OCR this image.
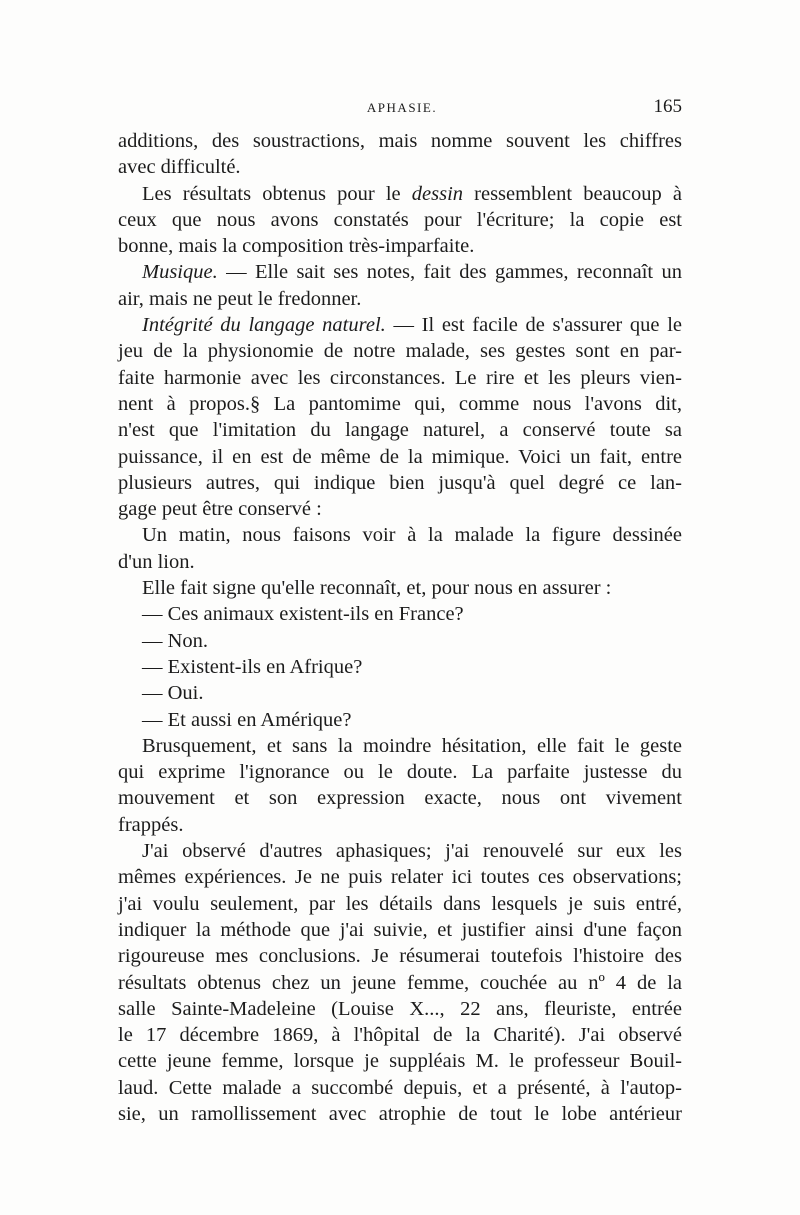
APHASIE.	165
additions, des soustractions, mais nomme souvent les chiffres
avec difficulté.
Les résultats obtenus pour le dessin ressemblent beaucoup à
ceux que nous avons constatés pour l'écriture; la copie est
bonne, mais la composition très-imparfaite.
Musique. — Elle sait ses notes, fait des gammes, reconnaît un
air, mais ne peut le fredonner.
Intégrité du langage naturel. — Il est facile de s'assurer que le
jeu de la physionomie de notre malade, ses gestes sont en par-
faite harmonie avec les circonstances. Le rire et les pleurs vien-
nent à propos.§ La pantomime qui, comme nous l'avons dit,
n'est que l'imitation du langage naturel, a conservé toute sa
puissance, il en est de même de la mimique. Voici un fait, entre
plusieurs autres, qui indique bien jusqu'à quel degré ce lan-
gage peut être conservé :
Un matin, nous faisons voir à la malade la figure dessinée
d'un lion.
Elle fait signe qu'elle reconnaît, et, pour nous en assurer :
— Ces animaux existent-ils en France?
— Non.
— Existent-ils en Afrique?
— Oui.
— Et aussi en Amérique?
Brusquement, et sans la moindre hésitation, elle fait le geste
qui exprime l'ignorance ou le doute. La parfaite justesse du
mouvement et son expression exacte, nous ont vivement
frappés.
J'ai observé d'autres aphasiques; j'ai renouvelé sur eux les
mêmes expériences. Je ne puis relater ici toutes ces observations;
j'ai voulu seulement, par les détails dans lesquels je suis entré,
indiquer la méthode que j'ai suivie, et justifier ainsi d'une façon
rigoureuse mes conclusions. Je résumerai toutefois l'histoire des
résultats obtenus chez un jeune femme, couchée au nº 4 de la
salle Sainte-Madeleine (Louise X..., 22 ans, fleuriste, entrée
le 17 décembre 1869, à l'hôpital de la Charité). J'ai observé
cette jeune femme, lorsque je suppléais M. le professeur Bouil-
laud. Cette malade a succombé depuis, et a présenté, à l'autop-
sie, un ramollissement avec atrophie de tout le lobe antérieur
